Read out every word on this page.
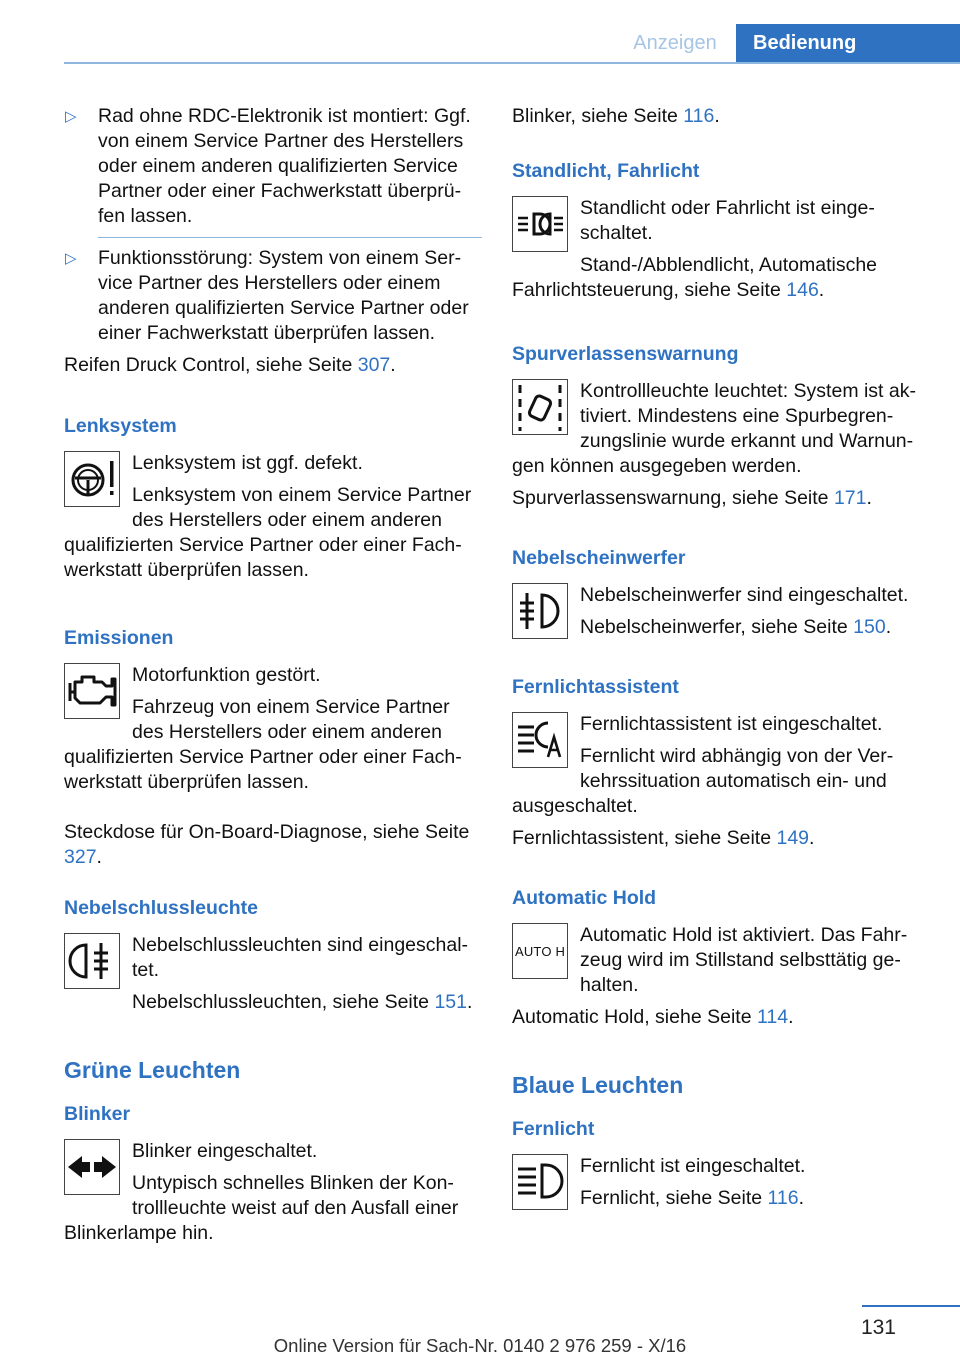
Anzeigen	Bedienung
▷ Rad ohne RDC-Elektronik ist montiert: Ggf. von einem Service Partner des Herstellers oder einem anderen qualifizierten Service Partner oder einer Fachwerkstatt überprü‐ fen lassen.
▷ Funktionsstörung: System von einem Ser‐ vice Partner des Herstellers oder einem anderen qualifizierten Service Partner oder einer Fachwerkstatt überprüfen lassen.

Reifen Druck Control, siehe Seite 307.

Lenksystem

Lenksystem ist ggf. defekt.

Lenksystem von einem Service Partner des Herstellers oder einem anderen qualifizierten Service Partner oder einer Fach‐ werkstatt überprüfen lassen.

Emissionen

Motorfunktion gestört.

Fahrzeug von einem Service Partner des Herstellers oder einem anderen qualifizierten Service Partner oder einer Fach‐ werkstatt überprüfen lassen.

Steckdose für On-Board-Diagnose, siehe Seite 327.

Nebelschlussleuchte

Nebelschlussleuchten sind eingeschal‐ tet.

Nebelschlussleuchten, siehe Seite 151.

Grüne Leuchten
Blinker

Blinker eingeschaltet.

Untypisch schnelles Blinken der Kon‐ trollleuchte weist auf den Ausfall einer Blinkerlampe hin.

Blinker, siehe Seite 116.

Standlicht, Fahrlicht

Standlicht oder Fahrlicht ist einge‐ schaltet.

Stand-/Abblendlicht, Automatische Fahrlichtsteuerung, siehe Seite 146.

Spurverlassenswarnung

Kontrollleuchte leuchtet: System ist ak‐ tiviert. Mindestens eine Spurbegren‐ zungslinie wurde erkannt und Warnun‐ gen können ausgegeben werden.

Spurverlassenswarnung, siehe Seite 171.

Nebelscheinwerfer

Nebelscheinwerfer sind eingeschaltet.

Nebelscheinwerfer, siehe Seite 150.

Fernlichtassistent

Fernlichtassistent ist eingeschaltet.

Fernlicht wird abhängig von der Ver‐ kehrssituation automatisch ein- und ausgeschaltet.

Fernlichtassistent, siehe Seite 149.

Automatic Hold
AUTO H

Automatic Hold ist aktiviert. Das Fahr‐ zeug wird im Stillstand selbsttätig ge‐ halten.

Automatic Hold, siehe Seite 114.

Blaue Leuchten
Fernlicht

Fernlicht ist eingeschaltet.

Fernlicht, siehe Seite 116.

131
Online Version für Sach-Nr. 0140 2 976 259 - X/16
